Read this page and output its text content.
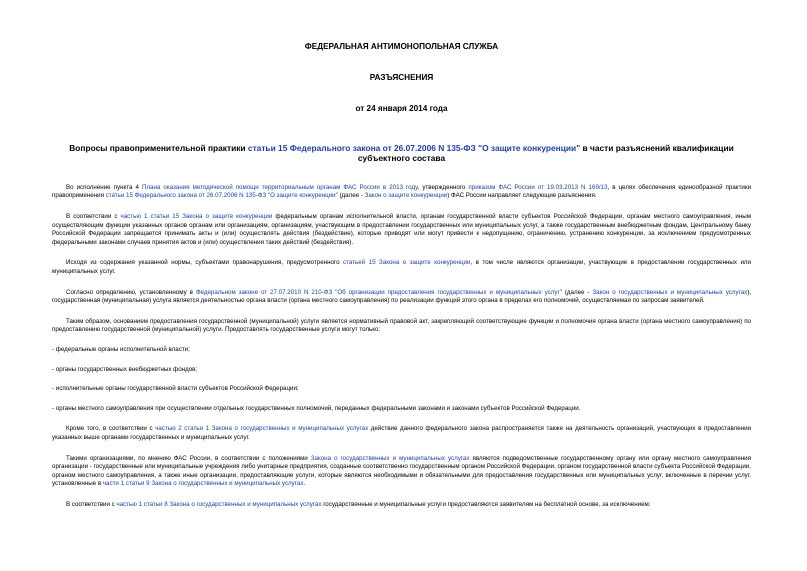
ФЕДЕРАЛЬНАЯ АНТИМОНОПОЛЬНАЯ СЛУЖБА

РАЗЪЯСНЕНИЯ

от 24 января 2014 года

Вопросы правоприменительной практики статьи 15 Федерального закона от 26.07.2006 N 135-ФЗ "О защите конкуренции" в части разъяснений квалификации субъектного состава

Во исполнение пункта 4 Плана оказания методической помощи территориальным органам ФАС России в 2013 году, утвержденного приказом ФАС России от 19.03.2013 N 169/13, в целях обеспечения единообразной практики правоприменения статьи 15 Федерального закона от 26.07.2006 N 135-ФЗ "О защите конкуренции" (далее - Закон о защите конкуренции) ФАС России направляет следующие разъяснения.

В соответствии с частью 1 статьи 15 Закона о защите конкуренции федеральным органам исполнительной власти, органам государственной власти субъектов Российской Федерации, органам местного самоуправления, иным осуществляющим функции указанных органов органам или организациям, организациям, участвующим в предоставлении государственных или муниципальных услуг, а также государственным внебюджетным фондам, Центральному банку Российской Федерации запрещается принимать акты и (или) осуществлять действия (бездействие), которые приводят или могут привести к недопущению, ограничению, устранению конкуренции, за исключением предусмотренных федеральными законами случаев принятия актов и (или) осуществления таких действий (бездействия).

Исходя из содержания указанной нормы, субъектами правонарушения, предусмотренного статьей 15 Закона о защите конкуренции, в том числе являются организации, участвующие в предоставлении государственных или муниципальных услуг.

Согласно определению, установленному в Федеральном законе от 27.07.2010 N 210-ФЗ "Об организации предоставления государственных и муниципальных услуг" (далее - Закон о государственных и муниципальных услугах), государственная (муниципальная) услуга является деятельностью органа власти (органа местного самоуправления) по реализации функций этого органа в пределах его полномочий, осуществляемая по запросам заявителей.

Таким образом, основанием предоставления государственной (муниципальной) услуги является нормативный правовой акт, закрепляющий соответствующие функции и полномочия органа власти (органа местного самоуправления) по предоставлению государственной (муниципальной) услуги. Предоставлять государственные услуги могут только:

- федеральные органы исполнительной власти;

- органы государственных внебюджетных фондов;

- исполнительные органы государственной власти субъектов Российской Федерации;

- органы местного самоуправления при осуществлении отдельных государственных полномочий, переданных федеральными законами и законами субъектов Российской Федерации.

Кроме того, в соответствии с частью 2 статьи 1 Закона о государственных и муниципальных услугах действие данного федерального закона распространяется также на деятельность организаций, участвующих в предоставлении указанных выше органами государственных и муниципальных услуг.

Такими организациями, по мнению ФАС России, в соответствии с положениями Закона о государственных и муниципальных услугах являются подведомственные государственному органу или органу местного самоуправления организации - государственные или муниципальные учреждения либо унитарные предприятия, созданные соответственно государственным органом Российской Федерации, органом государственной власти субъекта Российской Федерации, органом местного самоуправления, а также иные организации, предоставляющие услуги, которые являются необходимыми и обязательными для предоставления государственных или муниципальных услуг, включенные в перечни услуг, установленные в части 1 статьи 9 Закона о государственных и муниципальных услугах.

В соответствии с частью 1 статьи 8 Закона о государственных и муниципальных услугах государственные и муниципальные услуги предоставляются заявителям на бесплатной основе, за исключением:
